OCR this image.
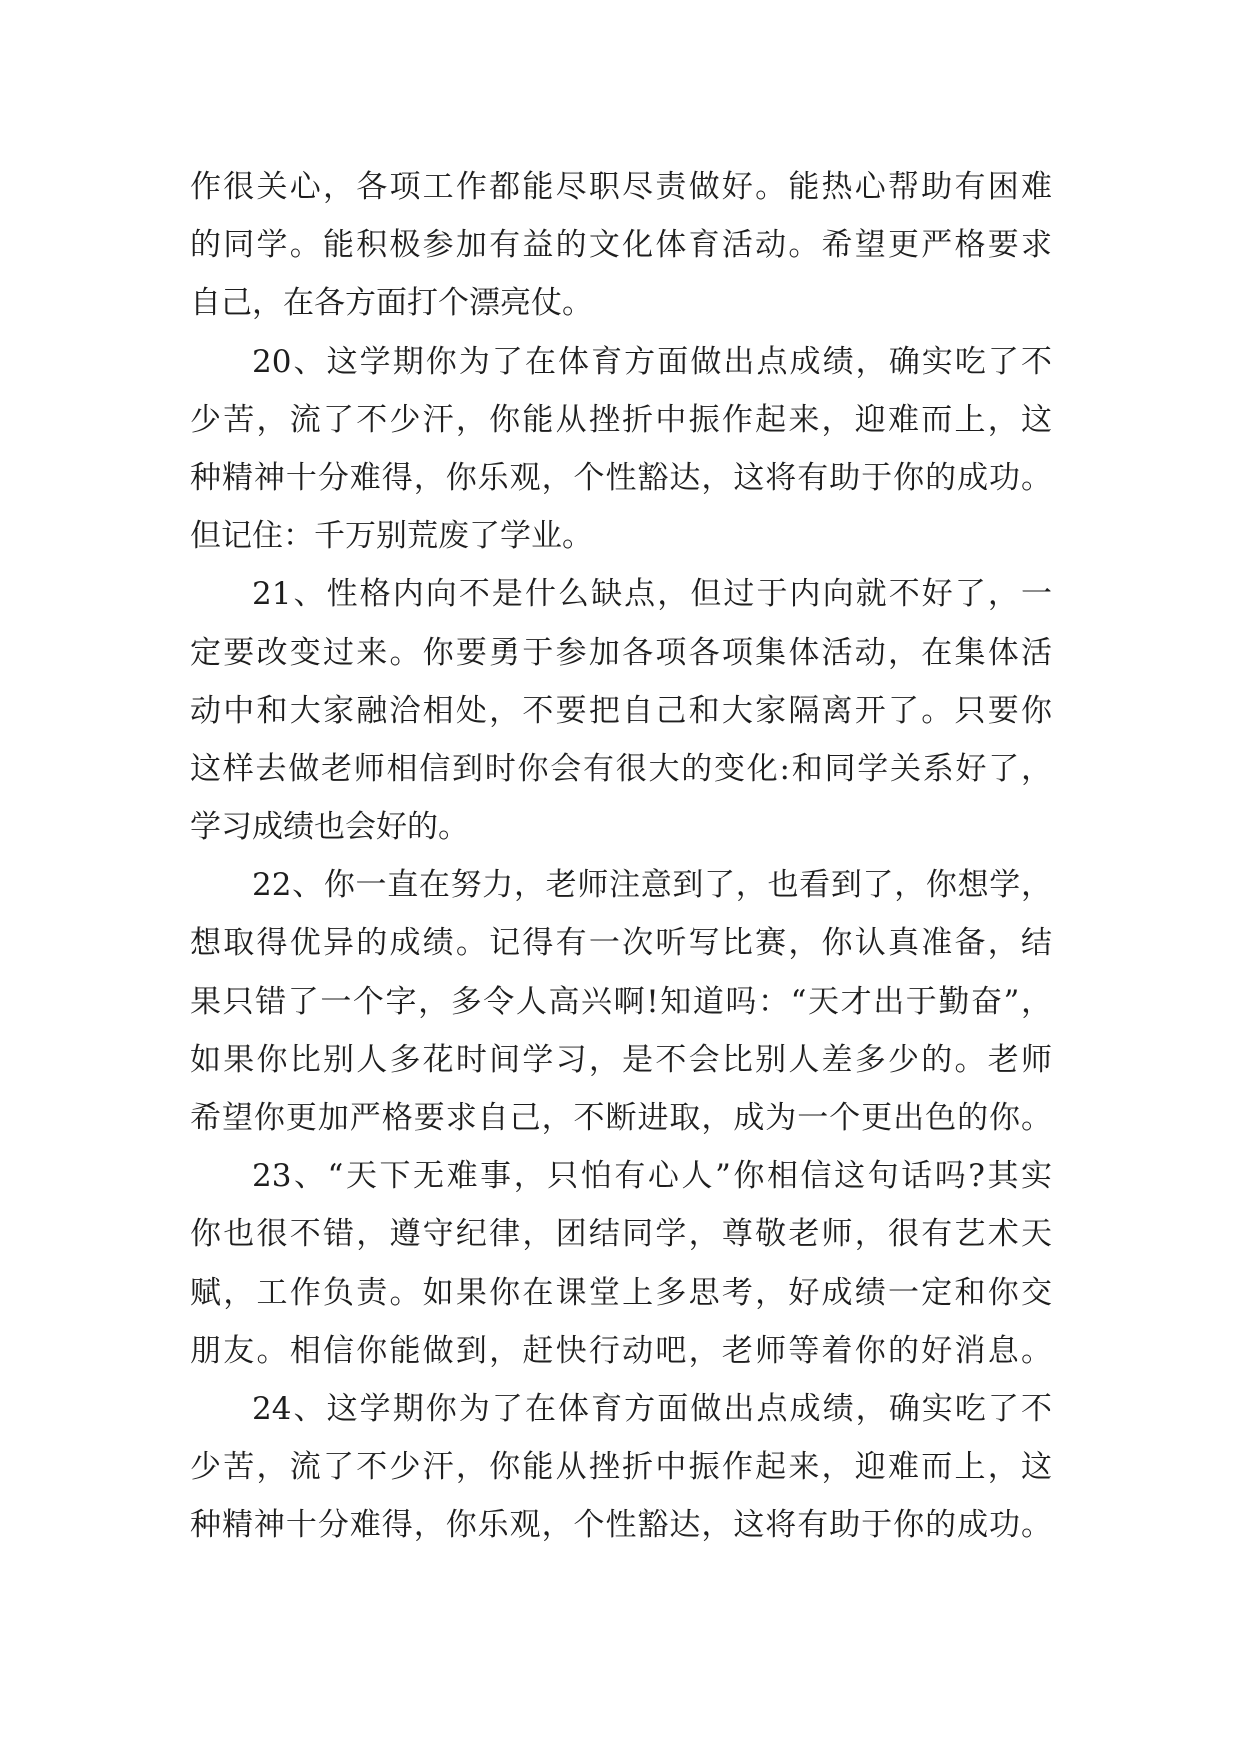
作很关心，各项工作都能尽职尽责做好。能热心帮助有困难
的同学。能积极参加有益的文化体育活动。希望更严格要求
自己，在各方面打个漂亮仗。
20、这学期你为了在体育方面做出点成绩，确实吃了不
少苦，流了不少汗，你能从挫折中振作起来，迎难而上，这
种精神十分难得，你乐观，个性豁达，这将有助于你的成功。
但记住：千万别荒废了学业。
21、性格内向不是什么缺点，但过于内向就不好了，一
定要改变过来。你要勇于参加各项各项集体活动，在集体活
动中和大家融洽相处，不要把自己和大家隔离开了。只要你
这样去做老师相信到时你会有很大的变化:和同学关系好了，
学习成绩也会好的。
22、你一直在努力，老师注意到了，也看到了，你想学，
想取得优异的成绩。记得有一次听写比赛，你认真准备，结
果只错了一个字，多令人高兴啊!知道吗：“天才出于勤奋”，
如果你比别人多花时间学习，是不会比别人差多少的。老师
希望你更加严格要求自己，不断进取，成为一个更出色的你。
23、“天下无难事，只怕有心人”你相信这句话吗?其实
你也很不错，遵守纪律，团结同学，尊敬老师，很有艺术天
赋，工作负责。如果你在课堂上多思考，好成绩一定和你交
朋友。相信你能做到，赶快行动吧，老师等着你的好消息。
24、这学期你为了在体育方面做出点成绩，确实吃了不
少苦，流了不少汗，你能从挫折中振作起来，迎难而上，这
种精神十分难得，你乐观，个性豁达，这将有助于你的成功。
